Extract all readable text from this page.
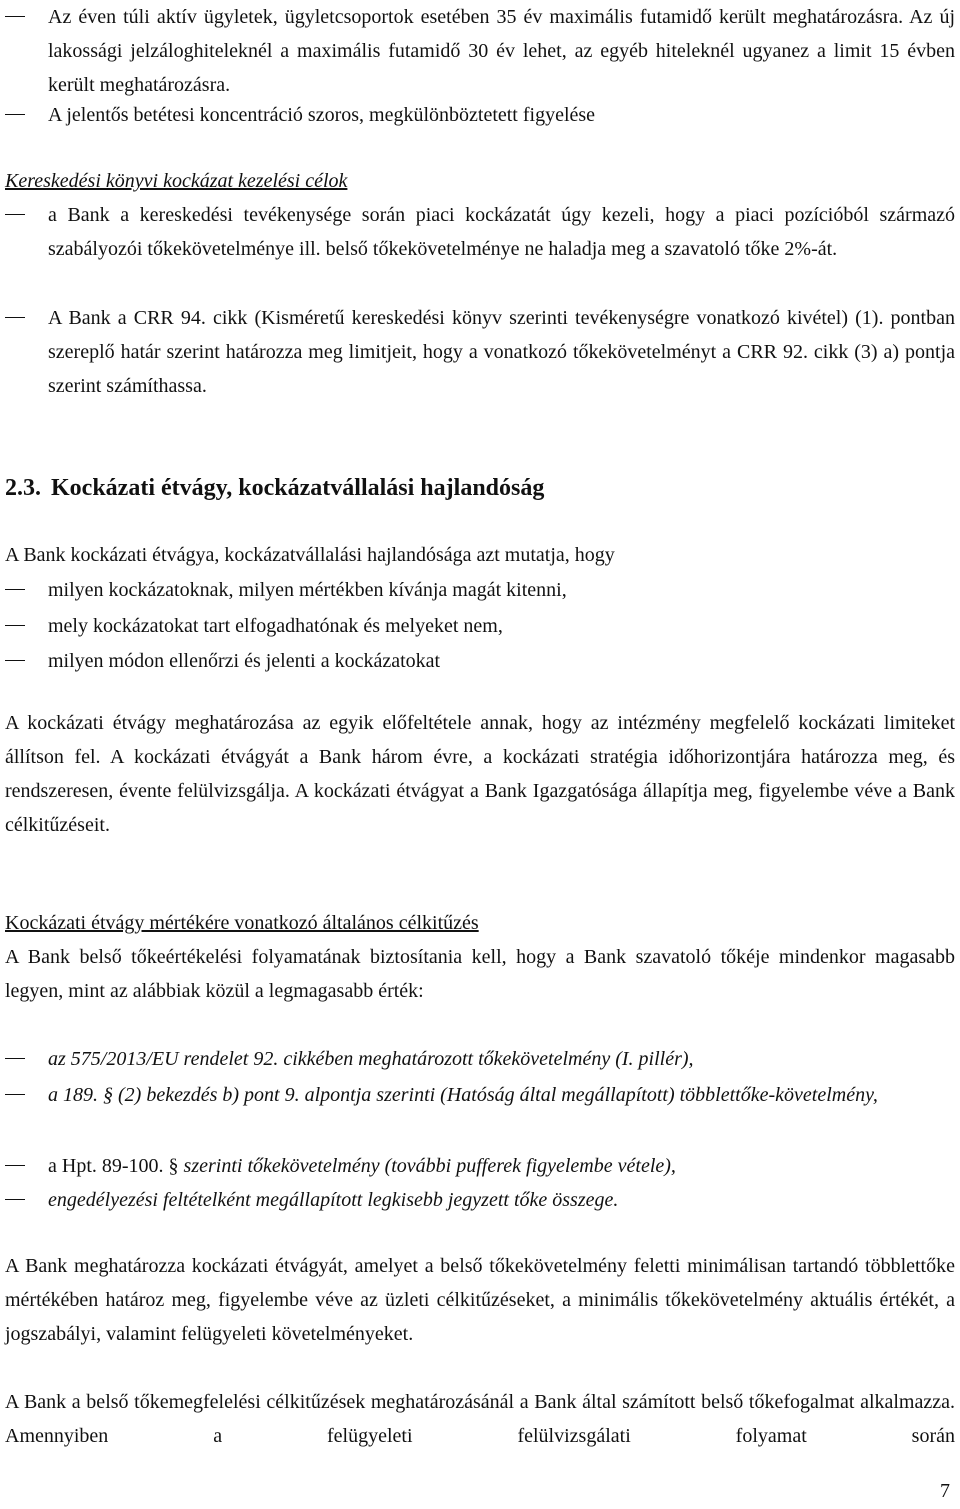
Az éven túli aktív ügyletek, ügyletcsoportok esetében 35 év maximális futamidő került meghatározásra. Az új lakossági jelzáloghiteleknél a maximális futamidő 30 év lehet, az egyéb hiteleknél ugyanez a limit 15 évben került meghatározásra.
A jelentős betétesi koncentráció szoros, megkülönböztetett figyelése
Kereskedési könyvi kockázat kezelési célok
a Bank a kereskedési tevékenysége során piaci kockázatát úgy kezeli, hogy a piaci pozícióból származó szabályozói tőkekövetelménye ill. belső tőkekövetelménye ne haladja meg a szavatoló tőke 2%-át.
A Bank a CRR 94. cikk (Kisméretű kereskedési könyv szerinti tevékenységre vonatkozó kivétel) (1). pontban szereplő határ szerint határozza meg limitjeit, hogy a vonatkozó tőkekövetelményt a CRR 92. cikk (3) a) pontja szerint számíthassa.
2.3. Kockázati étvágy, kockázatvállalási hajlandóság
A Bank kockázati étvágya, kockázatvállalási hajlandósága azt mutatja, hogy
milyen kockázatoknak, milyen mértékben kívánja magát kitenni,
mely kockázatokat tart elfogadhatónak és melyeket nem,
milyen módon ellenőrzi és jelenti a kockázatokat
A kockázati étvágy meghatározása az egyik előfeltétele annak, hogy az intézmény megfelelő kockázati limiteket állítson fel. A kockázati étvágyát a Bank három évre, a kockázati stratégia időhorizontjára határozza meg, és rendszeresen, évente felülvizsgálja. A kockázati étvágyat a Bank Igazgatósága állapítja meg, figyelembe véve a Bank célkitűzéseit.
Kockázati étvágy mértékére vonatkozó általános célkitűzés
A Bank belső tőkeértékelési folyamatának biztosítania kell, hogy a Bank szavatoló tőkéje mindenkor magasabb legyen, mint az alábbiak közül a legmagasabb érték:
az 575/2013/EU rendelet 92. cikkében meghatározott tőkekövetelmény (I. pillér),
a 189. § (2) bekezdés b) pont 9. alpontja szerinti (Hatóság által megállapított) többlettőke-követelmény,
a Hpt. 89-100. § szerinti tőkekövetelmény (további pufferek figyelembe vétele),
engedélyezési feltételként megállapított legkisebb jegyzett tőke összege.
A Bank meghatározza kockázati étvágyát, amelyet a belső tőkekövetelmény feletti minimálisan tartandó többlettőke mértékében határoz meg, figyelembe véve az üzleti célkitűzéseket, a minimális tőkekövetelmény aktuális értékét, a jogszabályi, valamint felügyeleti követelményeket.
A Bank a belső tőkemegfelelési célkitűzések meghatározásánál a Bank által számított belső tőkefogalmat alkalmazza. Amennyiben a felügyeleti felülvizsgálati folyamat során
7
